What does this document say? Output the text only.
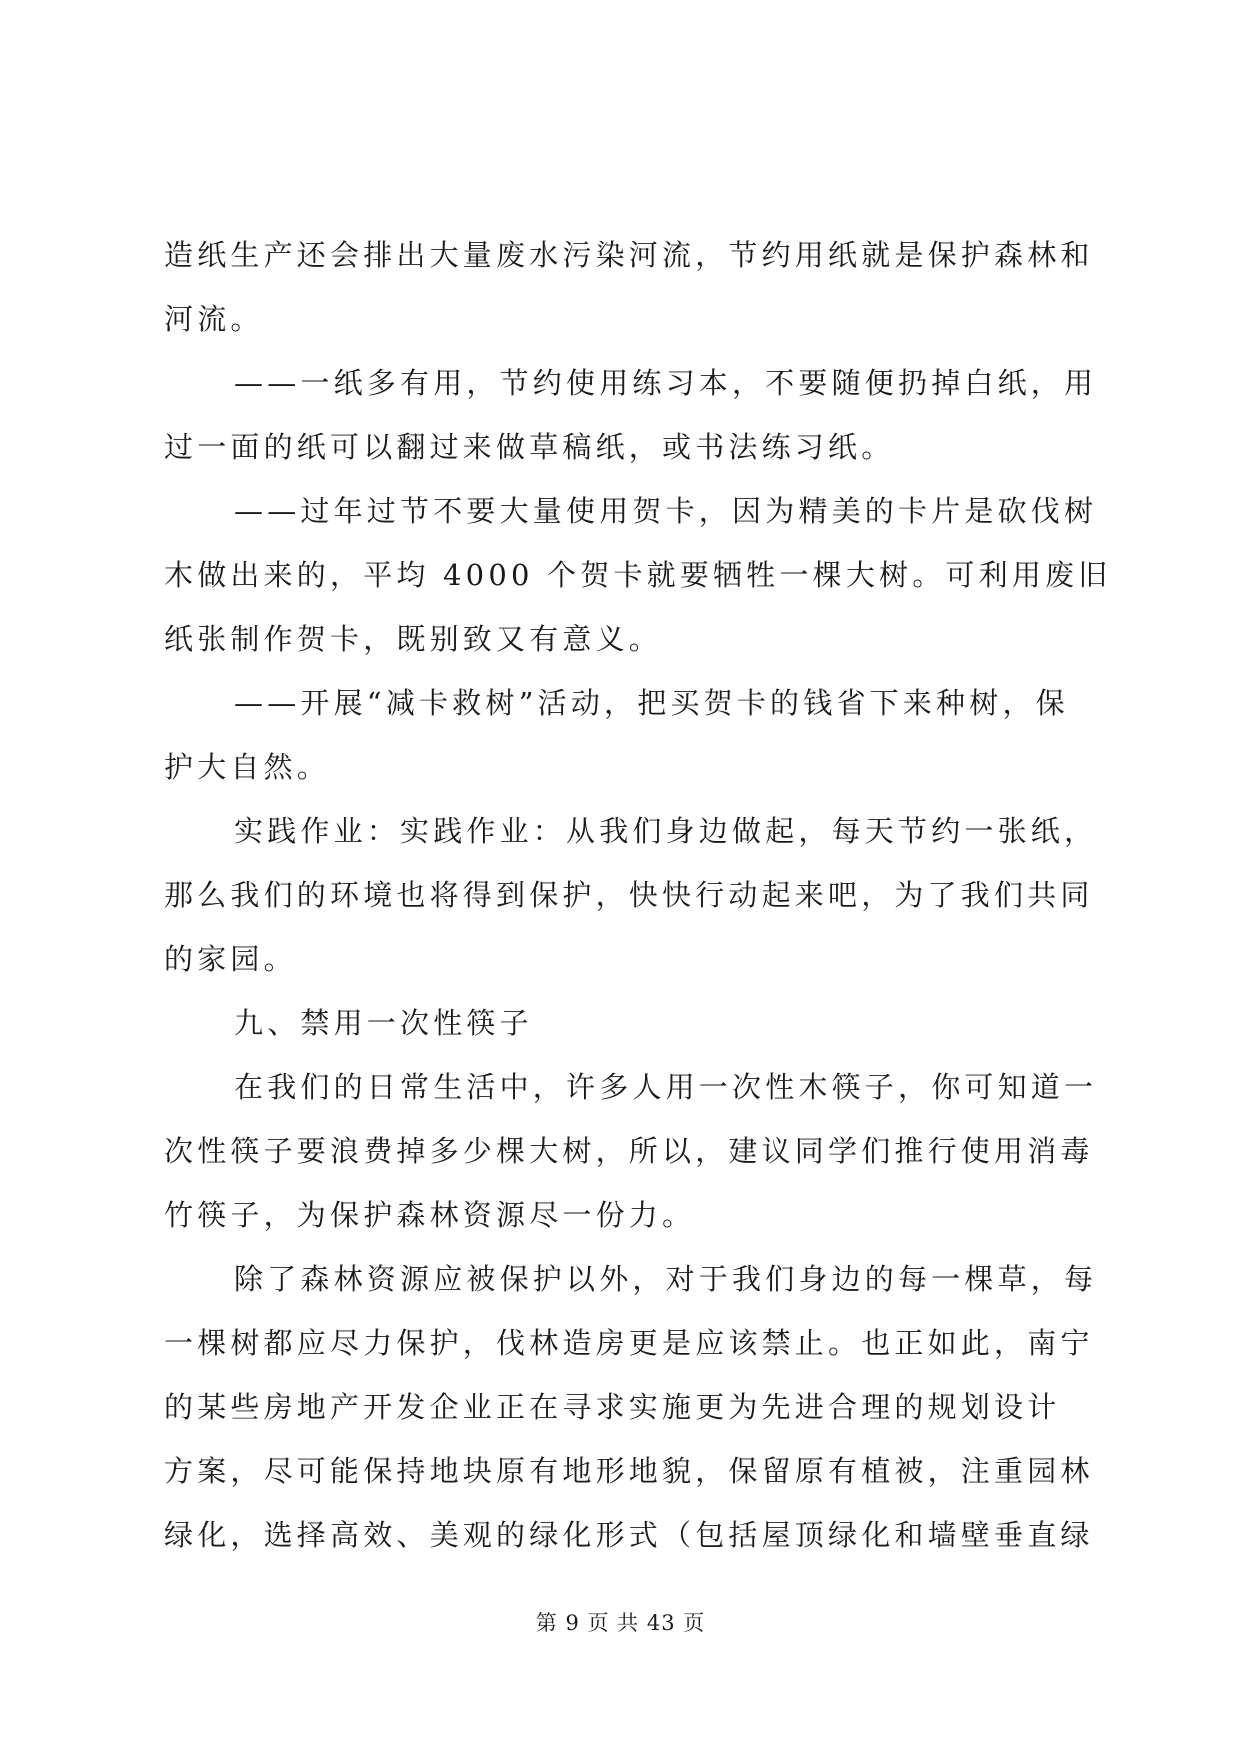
造纸生产还会排出大量废水污染河流，节约用纸就是保护森林和
河流。
——一纸多有用，节约使用练习本，不要随便扔掉白纸，用
过一面的纸可以翻过来做草稿纸，或书法练习纸。
——过年过节不要大量使用贺卡，因为精美的卡片是砍伐树
木做出来的，平均 4000 个贺卡就要牺牲一棵大树。可利用废旧
纸张制作贺卡，既别致又有意义。
——开展“减卡救树”活动，把买贺卡的钱省下来种树，保
护大自然。
实践作业：实践作业：从我们身边做起，每天节约一张纸，
那么我们的环境也将得到保护，快快行动起来吧，为了我们共同
的家园。
九、禁用一次性筷子
在我们的日常生活中，许多人用一次性木筷子，你可知道一
次性筷子要浪费掉多少棵大树，所以，建议同学们推行使用消毒
竹筷子，为保护森林资源尽一份力。
除了森林资源应被保护以外，对于我们身边的每一棵草，每
一棵树都应尽力保护，伐林造房更是应该禁止。也正如此，南宁
的某些房地产开发企业正在寻求实施更为先进合理的规划设计
方案，尽可能保持地块原有地形地貌，保留原有植被，注重园林
绿化，选择高效、美观的绿化形式（包括屋顶绿化和墙壁垂直绿
第 9 页 共 43 页
